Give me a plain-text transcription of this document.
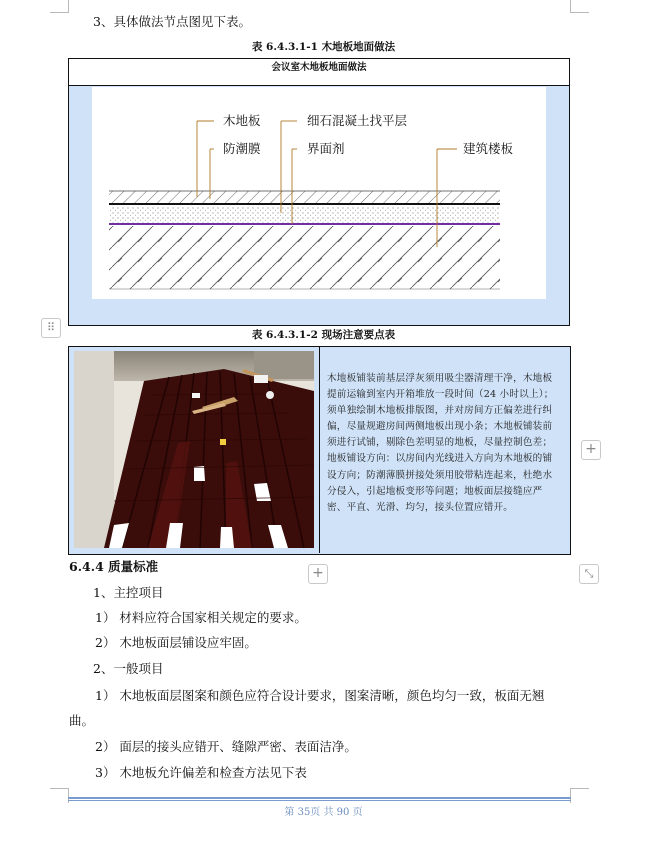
3、具体做法节点图见下表。
表 6.4.3.1-1 木地板地面做法
会议室木地板地面做法
木地板
防潮膜
细石混凝土找平层
界面剂	建筑楼板
⠿
表 6.4.3.1-2 现场注意要点表
木地板铺装前基层浮灰须用吸尘器清理干净，木地板提前运输到室内开箱堆放一段时间（24 小时以上）；须单独绘制木地板排版图，并对房间方正偏差进行纠偏，尽量规避房间两侧地板出现小条；木地板铺装前须进行试铺，剔除色差明显的地板，尽量控制色差；地板铺设方向：以房间内光线进入方向为木地板的铺设方向；防潮薄膜拼接处须用胶带粘连起来，杜绝水分侵入，引起地板变形等问题；地板面层接缝应严密、平直、光滑、均匀，接头位置应错开。
+
6.4.4 质量标准	+	⤡
1、主控项目
1） 材料应符合国家相关规定的要求。
2） 木地板面层铺设应牢固。
2、一般项目
1） 木地板面层图案和颜色应符合设计要求，图案清晰，颜色均匀一致，板面无翘
曲。
2） 面层的接头应错开、缝隙严密、表面洁净。
3） 木地板允许偏差和检查方法见下表
第 35页 共 90 页
